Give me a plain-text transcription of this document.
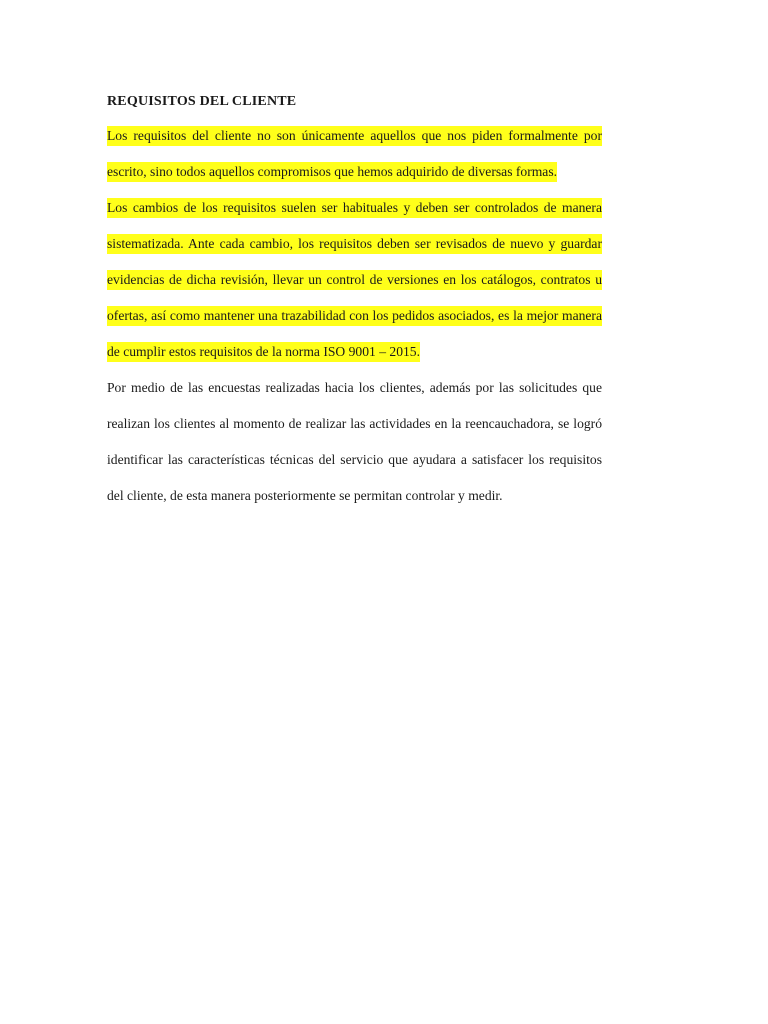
REQUISITOS DEL CLIENTE

Los requisitos del cliente no son únicamente aquellos que nos piden formalmente por escrito, sino todos aquellos compromisos que hemos adquirido de diversas formas.

Los cambios de los requisitos suelen ser habituales y deben ser controlados de manera sistematizada. Ante cada cambio, los requisitos deben ser revisados de nuevo y guardar evidencias de dicha revisión, llevar un control de versiones en los catálogos, contratos u ofertas, así como mantener una trazabilidad con los pedidos asociados, es la mejor manera de cumplir estos requisitos de la norma ISO 9001 – 2015.

Por medio de las encuestas realizadas hacia los clientes, además por las solicitudes que realizan los clientes al momento de realizar las actividades en la reencauchadora, se logró identificar las características técnicas del servicio que ayudara a satisfacer los requisitos del cliente, de esta manera posteriormente se permitan controlar y medir.
